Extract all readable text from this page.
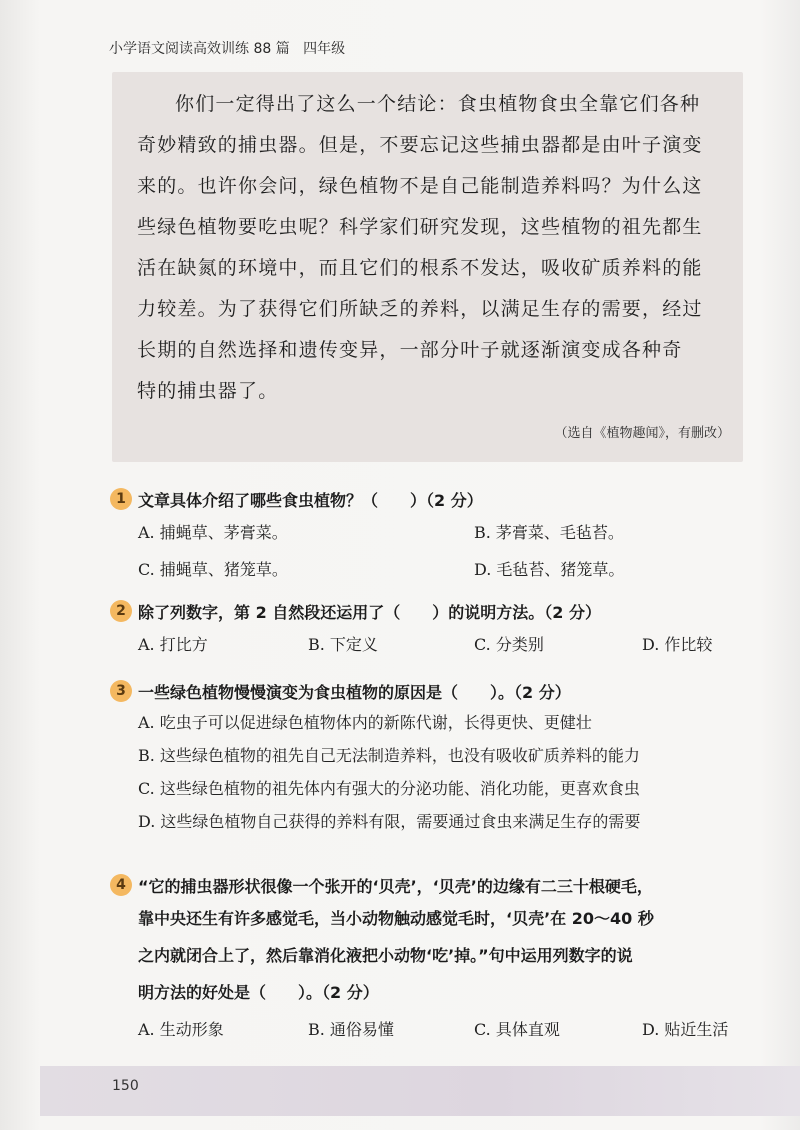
小学语文阅读高效训练 88 篇   四年级
你们一定得出了这么一个结论：食虫植物食虫全靠它们各种
奇妙精致的捕虫器。但是，不要忘记这些捕虫器都是由叶子演变
来的。也许你会问，绿色植物不是自己能制造养料吗？为什么这
些绿色植物要吃虫呢？科学家们研究发现，这些植物的祖先都生
活在缺氮的环境中，而且它们的根系不发达，吸收矿质养料的能
力较差。为了获得它们所缺乏的养料，以满足生存的需要，经过
长期的自然选择和遗传变异，一部分叶子就逐渐演变成各种奇
特的捕虫器了。
（选自《植物趣闻》，有删改）
1 文章具体介绍了哪些食虫植物？（　　）（2 分）
A. 捕蝇草、茅膏菜。	B. 茅膏菜、毛毡苔。
C. 捕蝇草、猪笼草。	D. 毛毡苔、猪笼草。
2 除了列数字，第 2 自然段还运用了（　　）的说明方法。（2 分）
A. 打比方	B. 下定义	C. 分类别	D. 作比较
3 一些绿色植物慢慢演变为食虫植物的原因是（　　）。（2 分）
A. 吃虫子可以促进绿色植物体内的新陈代谢，长得更快、更健壮
B. 这些绿色植物的祖先自己无法制造养料，也没有吸收矿质养料的能力
C. 这些绿色植物的祖先体内有强大的分泌功能、消化功能，更喜欢食虫
D. 这些绿色植物自己获得的养料有限，需要通过食虫来满足生存的需要
4 “它的捕虫器形状很像一个张开的‘贝壳’，‘贝壳’的边缘有二三十根硬毛，
靠中央还生有许多感觉毛，当小动物触动感觉毛时，‘贝壳’在 20～40 秒
之内就闭合上了，然后靠消化液把小动物‘吃’掉。”句中运用列数字的说
明方法的好处是（　　）。（2 分）
A. 生动形象	B. 通俗易懂	C. 具体直观	D. 贴近生活
150
